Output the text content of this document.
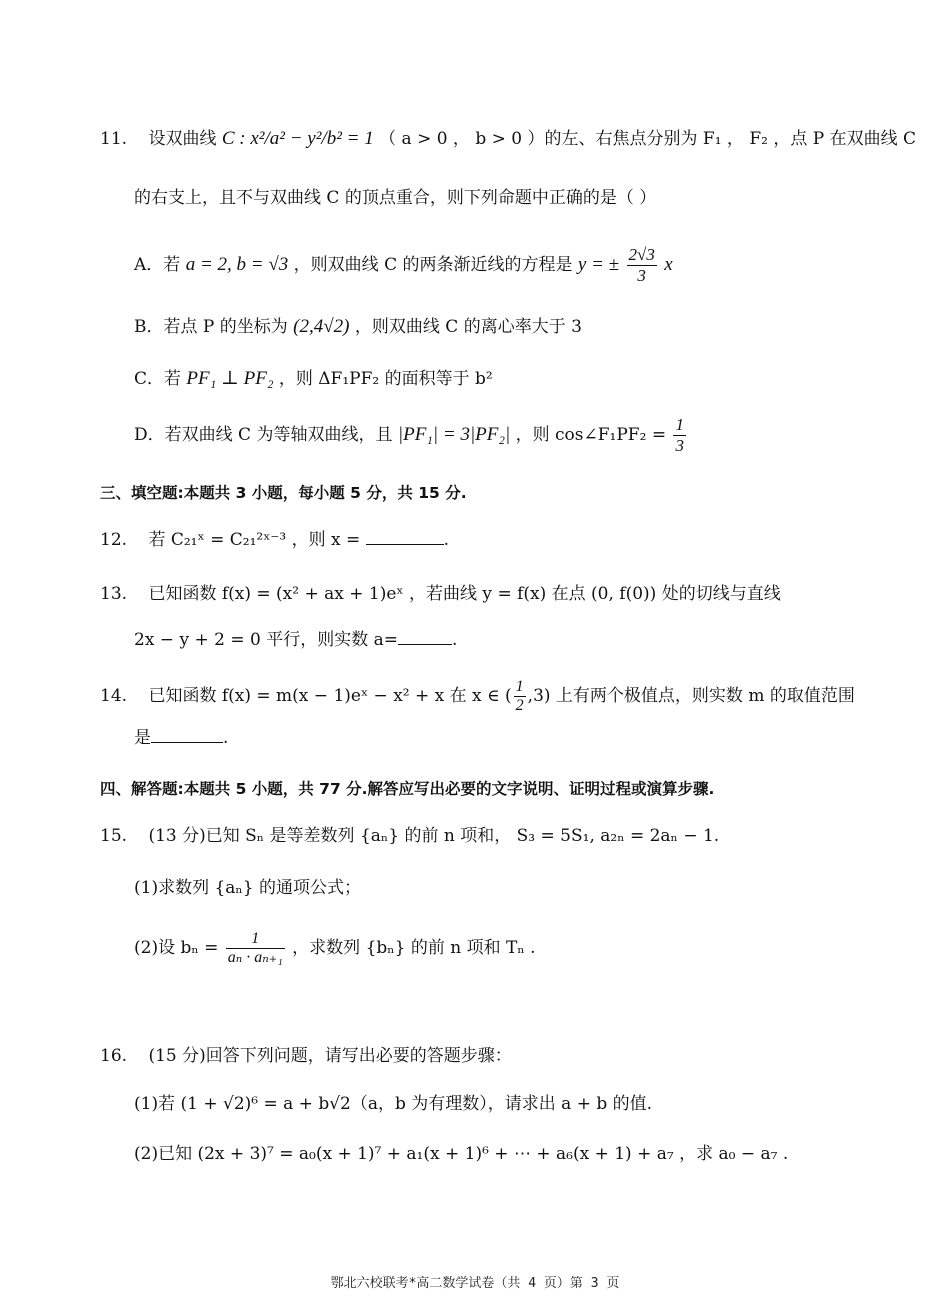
11. 设双曲线 C : x²/a² − y²/b² = 1 （ a > 0 ， b > 0 ）的左、右焦点分别为 F₁ ， F₂ ，点 P 在双曲线 C
的右支上，且不与双曲线 C 的顶点重合，则下列命题中正确的是（ ）
A．若 a = 2, b = √3 ，则双曲线 C 的两条渐近线的方程是 y = ± $\frac{2√3}{3}$ x
B．若点 P 的坐标为 (2,4√2) ，则双曲线 C 的离心率大于 3
C．若 PF₁ ⊥ PF₂ ，则 ΔF₁PF₂ 的面积等于 b²
D．若双曲线 C 为等轴双曲线，且 |PF₁| = 3|PF₂| ，则 cos∠F₁PF₂ = $\frac{1}{3}$
三、填空题:本题共 3 小题，每小题 5 分，共 15 分.
12. 若 C₂₁ˣ = C₂₁²ˣ⁻³ ，则 x =	.
13. 已知函数 f(x) = (x² + ax + 1)eˣ ，若曲线 y = f(x) 在点 (0, f(0)) 处的切线与直线
2x − y + 2 = 0 平行，则实数 a=	.
14. 已知函数 f(x) = m(x − 1)eˣ − x² + x 在 x ∈ ( $\frac{1}{2} ,3$) 上有两个极值点，则实数 m 的取值范围
是	.
四、解答题:本题共 5 小题，共 77 分.解答应写出必要的文字说明、证明过程或演算步骤.
15. (13 分)已知 Sₙ 是等差数列 {aₙ} 的前 n 项和， S₃ = 5S₁, a₂ₙ = 2aₙ − 1.
(1)求数列 {aₙ} 的通项公式；
(2)设 $b_n = \frac{1}{\text{aₙ · aₙ₊₁}}$ ，求数列 {bₙ} 的前 n 项和 Tₙ .
16. (15 分)回答下列问题，请写出必要的答题步骤：
(1)若 (1 + √2)⁶ = a + b√2（a，b 为有理数），请求出 a + b 的值.
(2)已知 (2x + 3)⁷ = a₀(x + 1)⁷ + a₁(x + 1)⁶ + ⋯ + a₆(x + 1) + a₇ ，求 a₀ − a₇ .
鄂北六校联考*高二数学试卷（共 4 页）第 3 页
